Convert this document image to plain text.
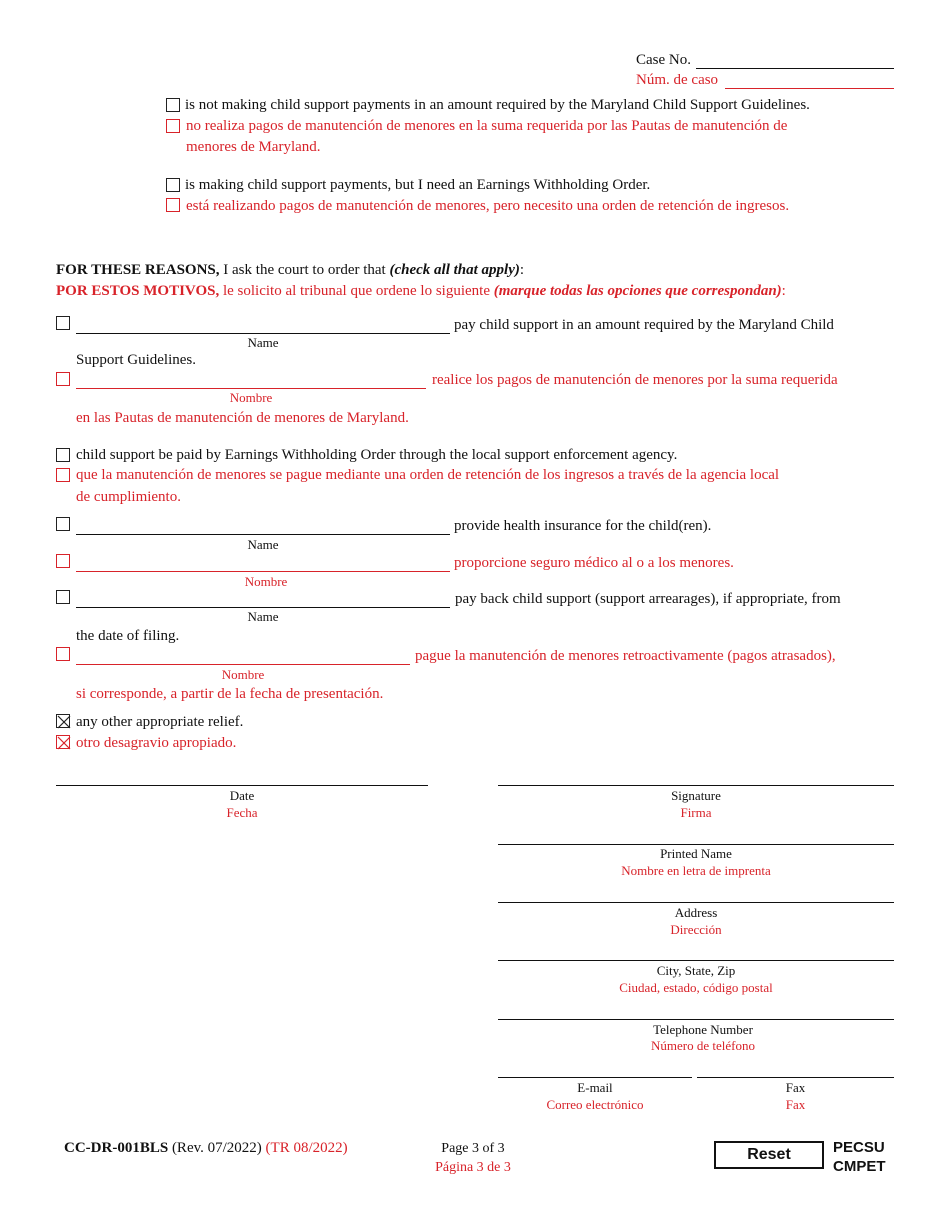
Case No.
Núm. de caso
is not making child support payments in an amount required by the Maryland Child Support Guidelines.
no realiza pagos de manutención de menores en la suma requerida por las Pautas de manutención de
menores de Maryland.
is making child support payments, but I need an Earnings Withholding Order.
está realizando pagos de manutención de menores, pero necesito una orden de retención de ingresos.
FOR THESE REASONS, I ask the court to order that (check all that apply):
POR ESTOS MOTIVOS, le solicito al tribunal que ordene lo siguiente (marque todas las opciones que correspondan):
pay child support in an amount required by the Maryland Child
Name
Support Guidelines.
realice los pagos de manutención de menores por la suma requerida
Nombre
en las Pautas de manutención de menores de Maryland.
child support be paid by Earnings Withholding Order through the local support enforcement agency.
que la manutención de menores se pague mediante una orden de retención de los ingresos a través de la agencia local
de cumplimiento.
provide health insurance for the child(ren).
Name
proporcione seguro médico al o a los menores.
Nombre
pay back child support (support arrearages), if appropriate, from
Name
the date of filing.
pague la manutención de menores retroactivamente (pagos atrasados),
Nombre
si corresponde, a partir de la fecha de presentación.
any other appropriate relief.
otro desagravio apropiado.
Date
Fecha
Signature
Firma
Printed Name
Nombre en letra de imprenta
Address
Dirección
City, State, Zip
Ciudad, estado, código postal
Telephone Number
Número de teléfono
E-mail
Correo electrónico
Fax
Fax
CC-DR-001BLS (Rev. 07/2022) (TR 08/2022)	Page 3 of 3
Página 3 de 3
Reset	PECSU
CMPET
